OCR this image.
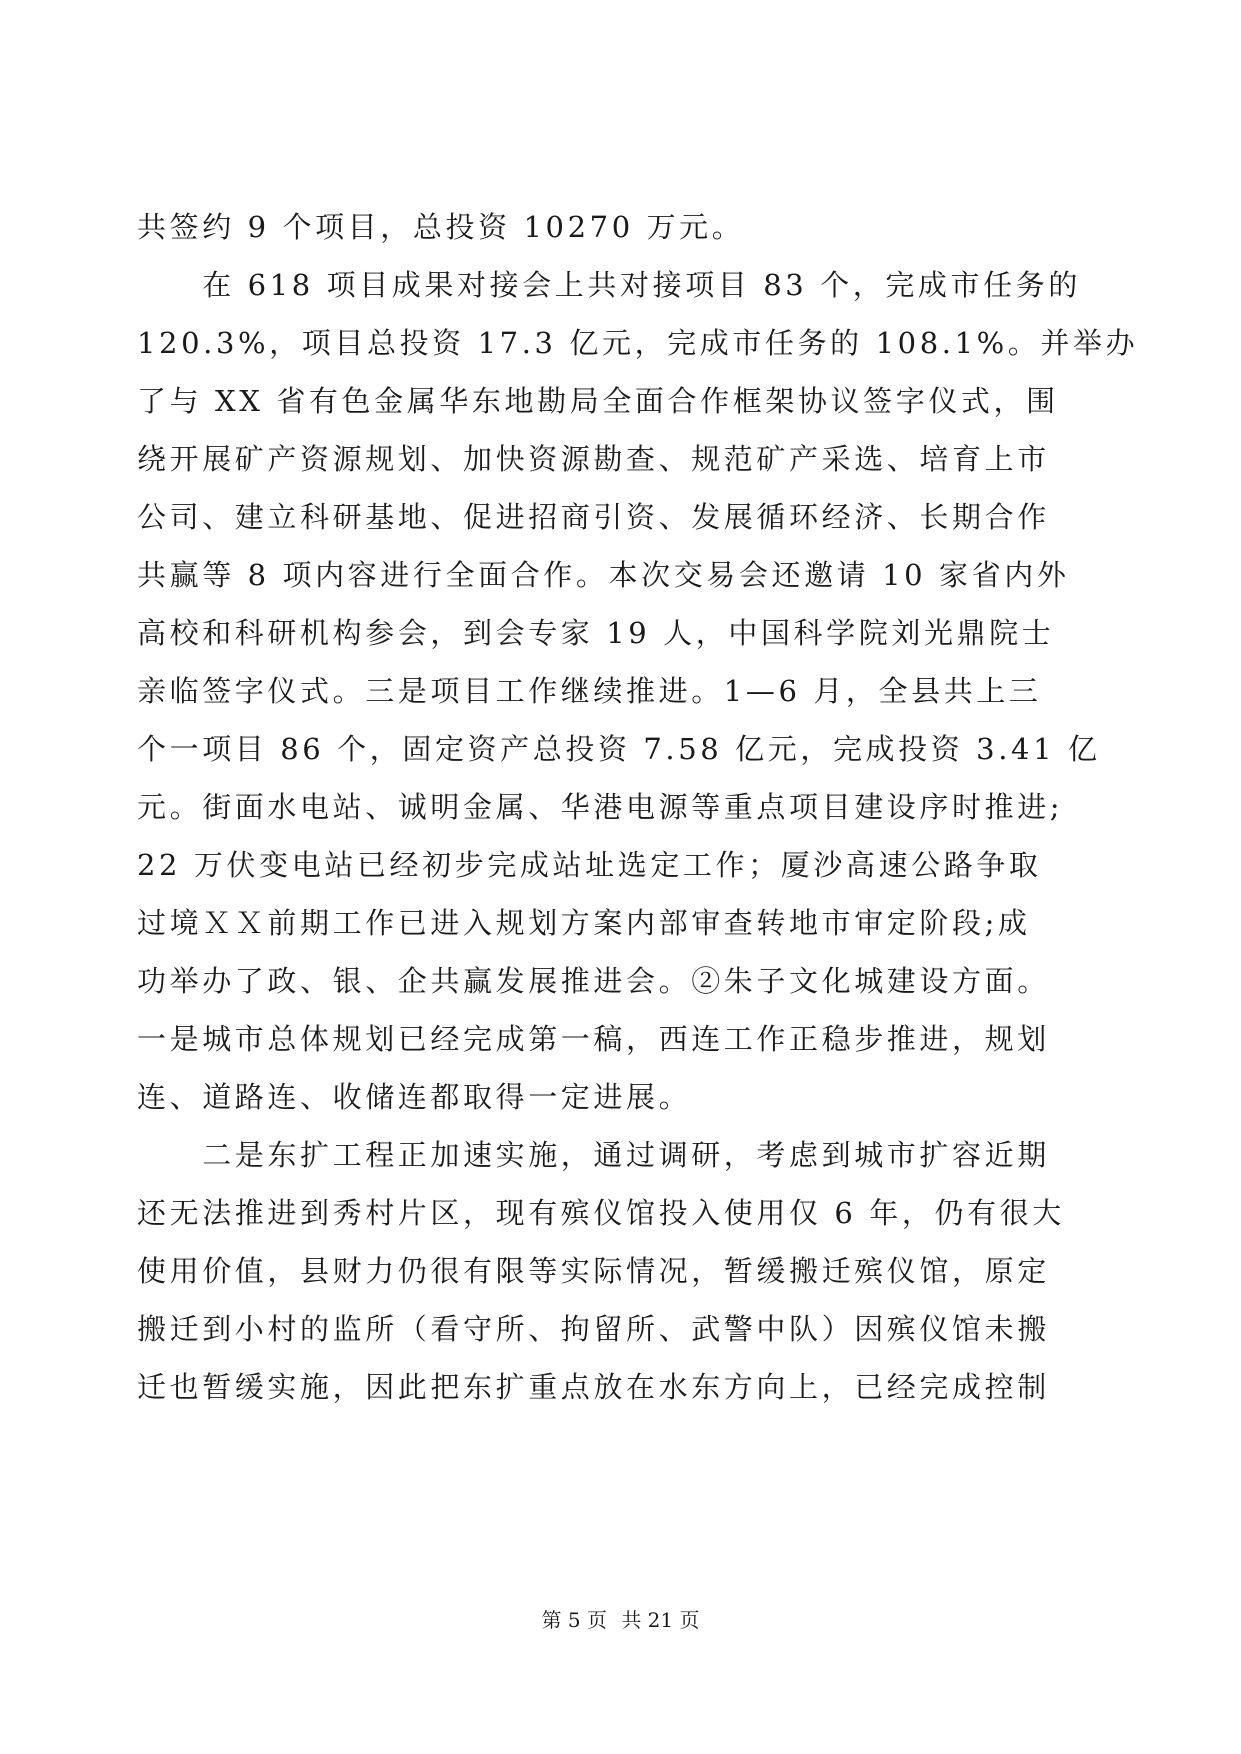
共签约 9 个项目，总投资 10270 万元。
　　在 618 项目成果对接会上共对接项目 83 个，完成市任务的
120.3%，项目总投资 17.3 亿元，完成市任务的 108.1%。并举办
了与 XX 省有色金属华东地勘局全面合作框架协议签字仪式，围
绕开展矿产资源规划、加快资源勘查、规范矿产采选、培育上市
公司、建立科研基地、促进招商引资、发展循环经济、长期合作
共赢等 8 项内容进行全面合作。本次交易会还邀请 10 家省内外
高校和科研机构参会，到会专家 19 人，中国科学院刘光鼎院士
亲临签字仪式。三是项目工作继续推进。1—6 月，全县共上三
个一项目 86 个，固定资产总投资 7.58 亿元，完成投资 3.41 亿
元。街面水电站、诚明金属、华港电源等重点项目建设序时推进;
22 万伏变电站已经初步完成站址选定工作；厦沙高速公路争取
过境ＸＸ前期工作已进入规划方案内部审查转地市审定阶段;成
功举办了政、银、企共赢发展推进会。②朱子文化城建设方面。
一是城市总体规划已经完成第一稿，西连工作正稳步推进，规划
连、道路连、收储连都取得一定进展。
　　二是东扩工程正加速实施，通过调研，考虑到城市扩容近期
还无法推进到秀村片区，现有殡仪馆投入使用仅 6 年，仍有很大
使用价值，县财力仍很有限等实际情况，暂缓搬迁殡仪馆，原定
搬迁到小村的监所（看守所、拘留所、武警中队）因殡仪馆未搬
迁也暂缓实施，因此把东扩重点放在水东方向上，已经完成控制
第 5 页 共 21 页
